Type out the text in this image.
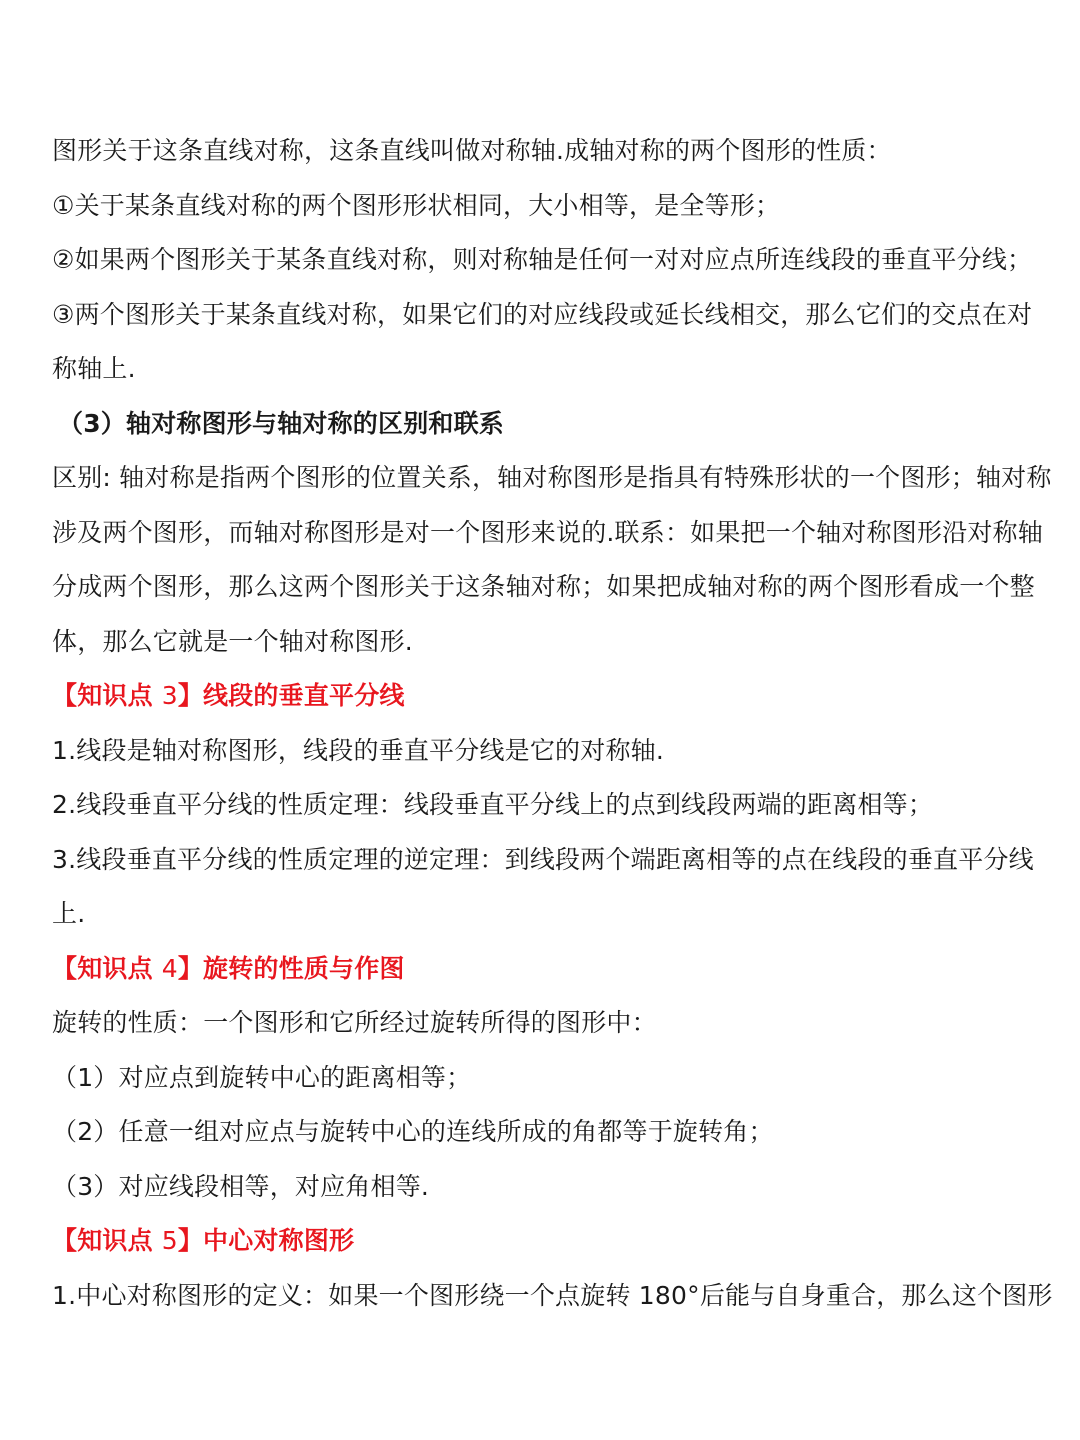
图形关于这条直线对称，这条直线叫做对称轴.成轴对称的两个图形的性质：
①关于某条直线对称的两个图形形状相同，大小相等，是全等形；
②如果两个图形关于某条直线对称，则对称轴是任何一对对应点所连线段的垂直平分线；
③两个图形关于某条直线对称，如果它们的对应线段或延长线相交，那么它们的交点在对
称轴上.
（3）轴对称图形与轴对称的区别和联系
区别: 轴对称是指两个图形的位置关系，轴对称图形是指具有特殊形状的一个图形；轴对称
涉及两个图形，而轴对称图形是对一个图形来说的.联系：如果把一个轴对称图形沿对称轴
分成两个图形，那么这两个图形关于这条轴对称；如果把成轴对称的两个图形看成一个整
体，那么它就是一个轴对称图形.
【知识点 3】线段的垂直平分线
1.线段是轴对称图形，线段的垂直平分线是它的对称轴.
2.线段垂直平分线的性质定理：线段垂直平分线上的点到线段两端的距离相等；
3.线段垂直平分线的性质定理的逆定理：到线段两个端距离相等的点在线段的垂直平分线
上.
【知识点 4】旋转的性质与作图
旋转的性质：一个图形和它所经过旋转所得的图形中：
（1）对应点到旋转中心的距离相等；
（2）任意一组对应点与旋转中心的连线所成的角都等于旋转角；
（3）对应线段相等，对应角相等.
【知识点 5】中心对称图形
1.中心对称图形的定义：如果一个图形绕一个点旋转 180°后能与自身重合，那么这个图形
